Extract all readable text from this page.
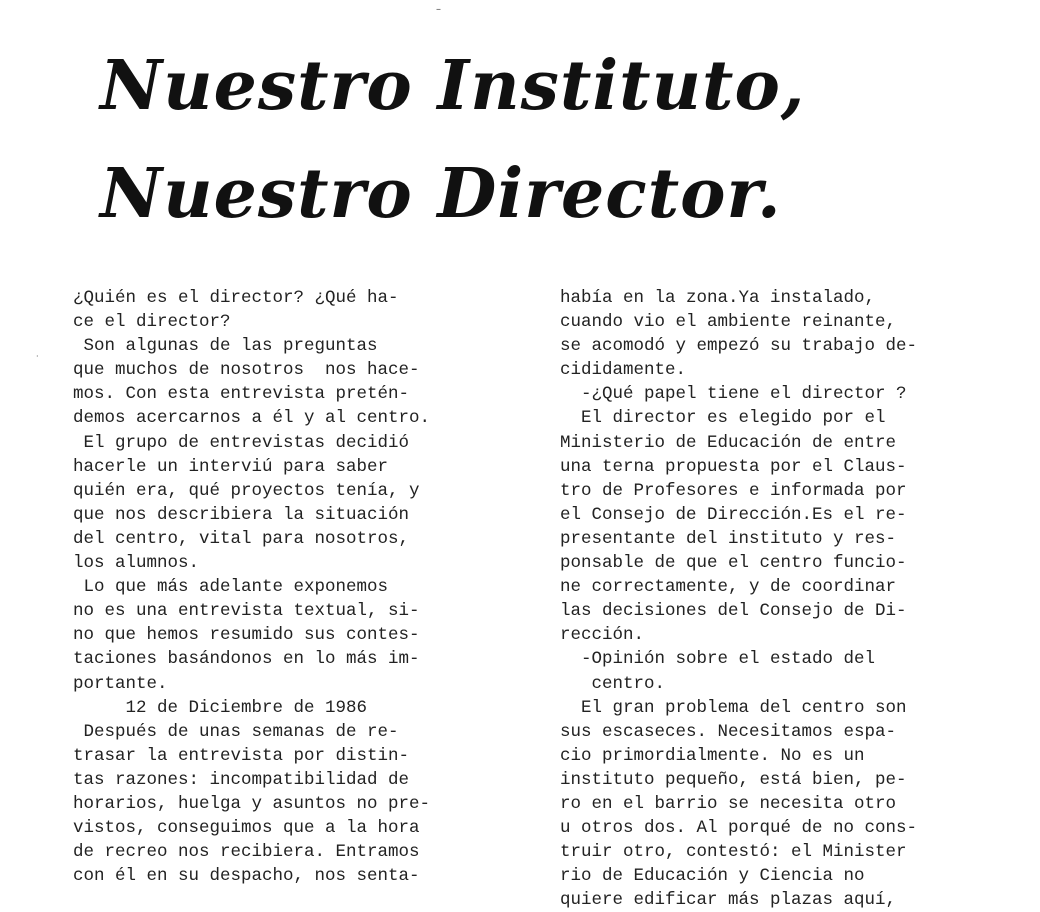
Nuestro Instituto,
Nuestro Director.
–
·
¿Quién es el director? ¿Qué ha-
ce el director?
Son algunas de las preguntas
que muchos de nosotros  nos hace-
mos. Con esta entrevista pretén-
demos acercarnos a él y al centro.
El grupo de entrevistas decidió
hacerle un interviú para saber
quién era, qué proyectos tenía, y
que nos describiera la situación
del centro, vital para nosotros,
los alumnos.
Lo que más adelante exponemos
no es una entrevista textual, si-
no que hemos resumido sus contes-
taciones basándonos en lo más im-
portante.
12 de Diciembre de 1986
Después de unas semanas de re-
trasar la entrevista por distin-
tas razones: incompatibilidad de
horarios, huelga y asuntos no pre-
vistos, conseguimos que a la hora
de recreo nos recibiera. Entramos
con él en su despacho, nos senta-
había en la zona.Ya instalado,
cuando vio el ambiente reinante,
se acomodó y empezó su trabajo de-
cididamente.
-¿Qué papel tiene el director ?
El director es elegido por el
Ministerio de Educación de entre
una terna propuesta por el Claus-
tro de Profesores e informada por
el Consejo de Dirección.Es el re-
presentante del instituto y res-
ponsable de que el centro funcio-
ne correctamente, y de coordinar
las decisiones del Consejo de Di-
rección.
-Opinión sobre el estado del
centro.
El gran problema del centro son
sus escaseces. Necesitamos espa-
cio primordialmente. No es un
instituto pequeño, está bien, pe-
ro en el barrio se necesita otro
u otros dos. Al porqué de no cons-
truir otro, contestó: el Minister
rio de Educación y Ciencia no
quiere edificar más plazas aquí,
